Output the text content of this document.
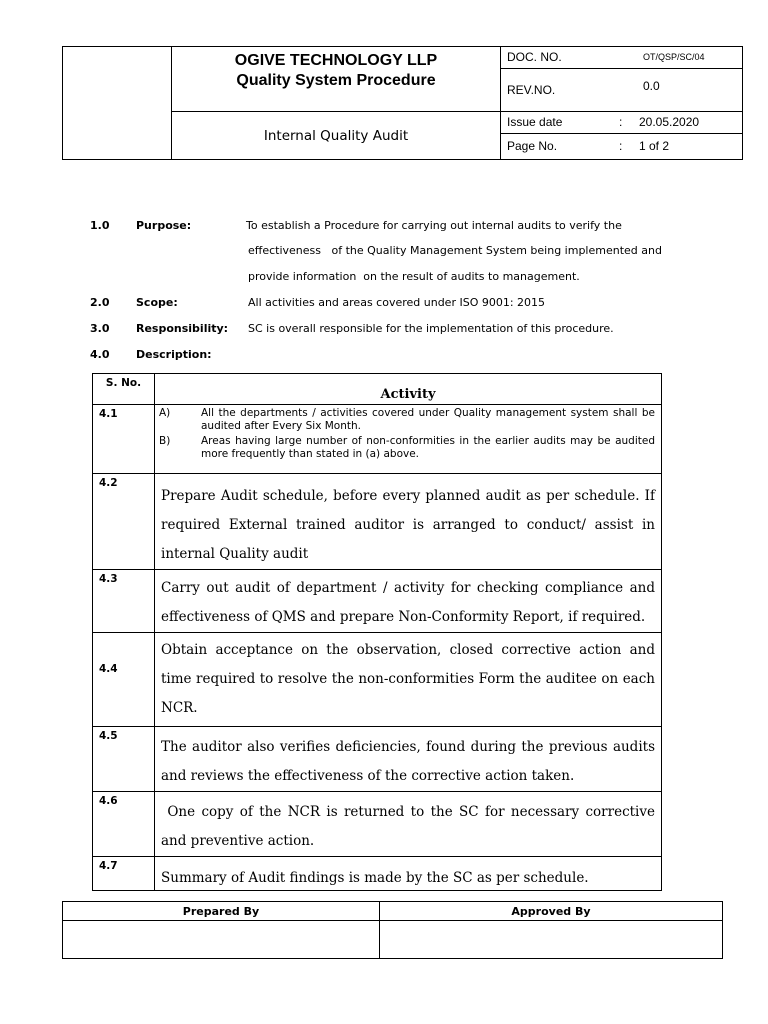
OGIVE TECHNOLOGY LLP
Quality System Procedure

DOC. NO.	OT/QSP/SC/04
REV.NO.	0.0

Internal Quality Audit	
Issue date	:	20.05.2020
Page No.	:	1 of 2
1.0 Purpose:	To establish a Procedure for carrying out internal audits to verify the
effectiveness   of the Quality Management System being implemented and
provide information  on the result of audits to management.
2.0 Scope:	All activities and areas covered under ISO 9001: 2015
3.0 Responsibility: SC is overall responsible for the implementation of this procedure.
4.0 Description:
S. No.	Activity
4.1	A) All the departments / activities covered under Quality management system shall be audited after Every Six Month.
B) Areas having large number of non-conformities in the earlier audits may be audited more frequently than stated in (a) above.

4.2	Prepare Audit schedule, before every planned audit as per schedule. If required External trained auditor is arranged to conduct/ assist in internal Quality audit
4.3	Carry out audit of department / activity for checking compliance and effectiveness of QMS and prepare Non-Conformity Report, if required.
4.4	Obtain acceptance on the observation, closed corrective action and time required to resolve the non-conformities Form the auditee on each NCR.
4.5	The auditor also verifies deficiencies, found during the previous audits and reviews the effectiveness of the corrective action taken.
4.6	One copy of the NCR is returned to the SC for necessary corrective and preventive action.
4.7	Summary of Audit findings is made by the SC as per schedule.
Prepared By	Approved By
